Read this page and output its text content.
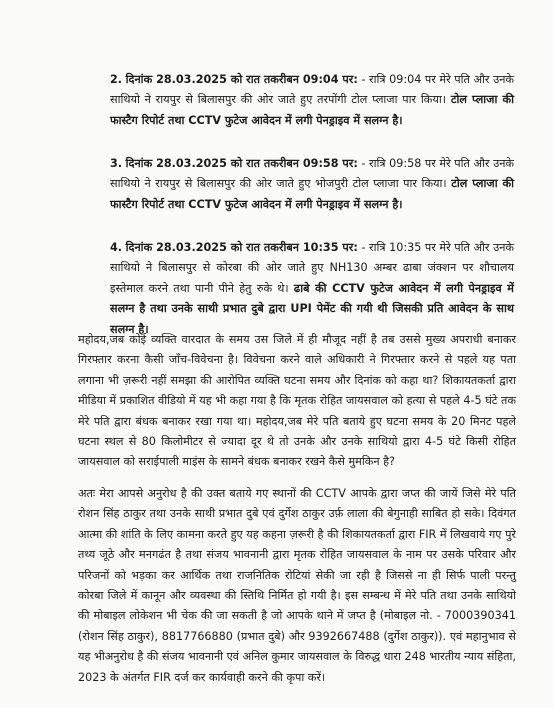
2. दिनांक 28.03.2025 को रात तकरीबन 09:04 पर: - रात्रि 09:04 पर मेरे पति और उनके साथियो ने रायपुर से बिलासपुर की ओर जाते हुए तरपोंगी टोल प्लाजा पार किया। टोल प्लाजा की फास्टैग रिपोर्ट तथा CCTV फुटेज आवेदन में लगी पेनड्राइव में सलग्न है।
3. दिनांक 28.03.2025 को रात तकरीबन 09:58 पर: - रात्रि 09:58 पर मेरे पति और उनके साथियो ने रायपुर से बिलासपुर की ओर जाते हुए भोजपुरी टोल प्लाजा पार किया। टोल प्लाजा की फास्टैग रिपोर्ट तथा CCTV फुटेज आवेदन में लगी पेनड्राइव में सलग्न है।
4. दिनांक 28.03.2025 को रात तकरीबन 10:35 पर: - रात्रि 10:35 पर मेरे पति और उनके साथियो ने बिलासपुर से कोरबा की ओर जाते हुए NH130 अम्बर ढाबा जंक्शन पर शौचालय इस्तेमाल करने तथा पानी पीने हेतु रुके थे। ढाबे की CCTV फुटेज आवेदन में लगी पेनड्राइव में सलग्न है तथा उनके साथी प्रभात दुबे द्वारा UPI पेमेंट की गयी थी जिसकी प्रति आवेदन के साथ सलग्न है।
महोदय,जब कोई व्यक्ति वारदात के समय उस जिले में ही मौजूद नहीं है तब उससे मुख्य अपराधी बनाकर गिरफ्तार करना कैसी जाँच-विवेचना है। विवेचना करने वाले अधिकारी ने गिरफ्तार करने से पहले यह पता लगाना भी ज़रूरी नहीं समझा की आरोपित व्यक्ति घटना समय और दिनांक को कहा था? शिकायतकर्ता द्वारा मीडिया में प्रकाशित वीडियो में यह भी कहा गया है कि मृतक रोहित जायसवाल को हत्या से पहले 4-5 घंटे तक मेरे पति द्वारा बंधक बनाकर रखा गया था। महोदय,जब मेरे पति बताये हुए घटना समय के 20 मिनट पहले घटना स्थल से 80 किलोमीटर से ज्यादा दूर थे तो उनके और उनके साथियो द्वारा 4-5 घंटे किसी रोहित जायसवाल को सराईपाली माइंस के सामने बंधक बनाकर रखने कैसे मुमकिन है?
अतः मेरा आपसे अनुरोध है की उक्त बताये गए स्थानों की CCTV आपके द्वारा जप्त की जायें जिसे मेरे पति रोशन सिंह ठाकुर तथा उनके साथी प्रभात दुबे एवं दुर्गेश ठाकुर उर्फ़ लाला की बेगुनाही साबित हो सके। दिवंगत आत्मा की शांति के लिए कामना करते हुए यह कहना ज़रूरी है की शिकायतकर्ता द्वारा FIR में लिखवाये गए पुरे तथ्य जूठे और मनगढंत है तथा संजय भावनानी द्वारा मृतक रोहित जायसवाल के नाम पर उसके परिवार और परिजनों को भड़का कर आर्थिक तथा राजनितिक रोटियां सेकी जा रही है जिससे ना ही सिर्फ पाली परन्तु कोरबा जिले में कानून और व्यवस्था की स्तिथि निर्मित हो गयी है। इस सम्बन्ध में मेरे पति तथा उनके साथियो की मोबाइल लोकेशन भी चेक की जा सकती है जो आपके थाने में जप्त है (मोबाइल नो. - 7000390341 (रोशन सिंह ठाकुर), 8817766880 (प्रभात दुबे) और 9392667488 (दुर्गेश ठाकुर)). एवं महानुभाव से यह भीअनुरोध है की संजय भावनानी एवं अनिल कुमार जायसवाल के विरुद्ध धारा 248 भारतीय न्याय संहिता, 2023 के अंतर्गत FIR दर्ज कर कार्यवाही करने की कृपा करें।
